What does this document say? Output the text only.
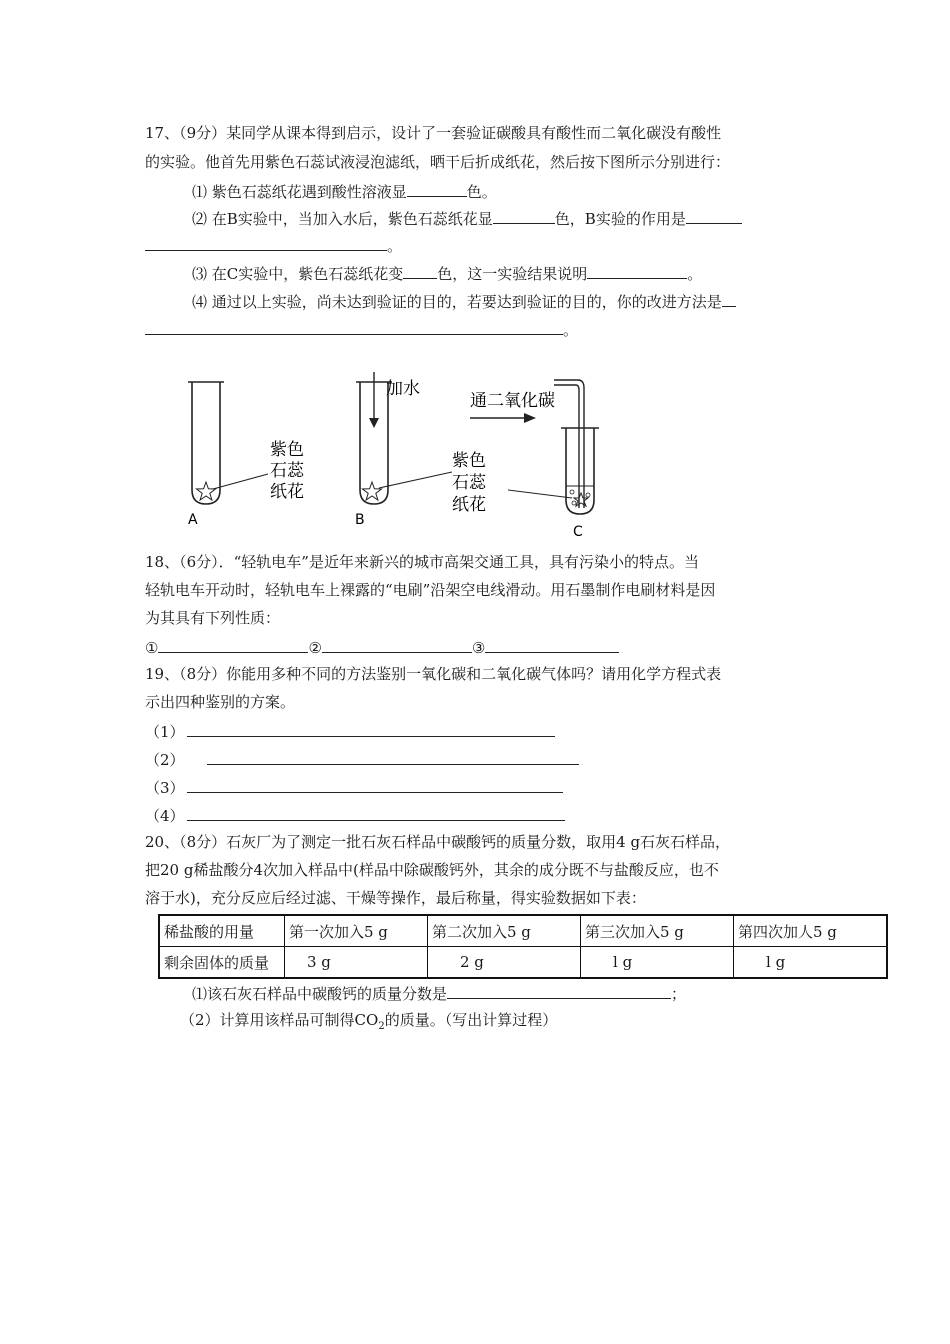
17、（9分）某同学从课本得到启示，设计了一套验证碳酸具有酸性而二氧化碳没有酸性
的实验。他首先用紫色石蕊试液浸泡滤纸，晒干后折成纸花，然后按下图所示分别进行：
⑴ 紫色石蕊纸花遇到酸性溶液显	色。
⑵ 在B实验中，当加入水后，紫色石蕊纸花显	色，B实验的作用是
。
⑶ 在C实验中，紫色石蕊纸花变 色，这一实验结果说明	。
⑷ 通过以上实验，尚未达到验证的目的，若要达到验证的目的，你的改进方法是
。
紫色
石蕊
纸花
A
加水
紫色
石蕊
纸花
B
通二氧化碳
C
18、（6分）．“轻轨电车”是近年来新兴的城市高架交通工具，具有污染小的特点。当
轻轨电车开动时，轻轨电车上裸露的“电刷”沿架空电线滑动。用石墨制作电刷材料是因
为其具有下列性质：
①	②	③
19、（8分）你能用多种不同的方法鉴别一氧化碳和二氧化碳气体吗？请用化学方程式表
示出四种鉴别的方案。
（1）
（2）
（3）
（4）
20、（8分）石灰厂为了测定一批石灰石样品中碳酸钙的质量分数，取用4 g石灰石样品，
把20 g稀盐酸分4次加入样品中(样品中除碳酸钙外，其余的成分既不与盐酸反应，也不
溶于水)，充分反应后经过滤、干燥等操作，最后称量，得实验数据如下表：
稀盐酸的用量	第一次加入5 g	第二次加入5 g	第三次加入5 g	第四次加人5 g
剩余固体的质量	3 g	2 g	l g	l g
⑴该石灰石样品中碳酸钙的质量分数是	；
（2）计算用该样品可制得$CO_2$的质量。（写出计算过程）
